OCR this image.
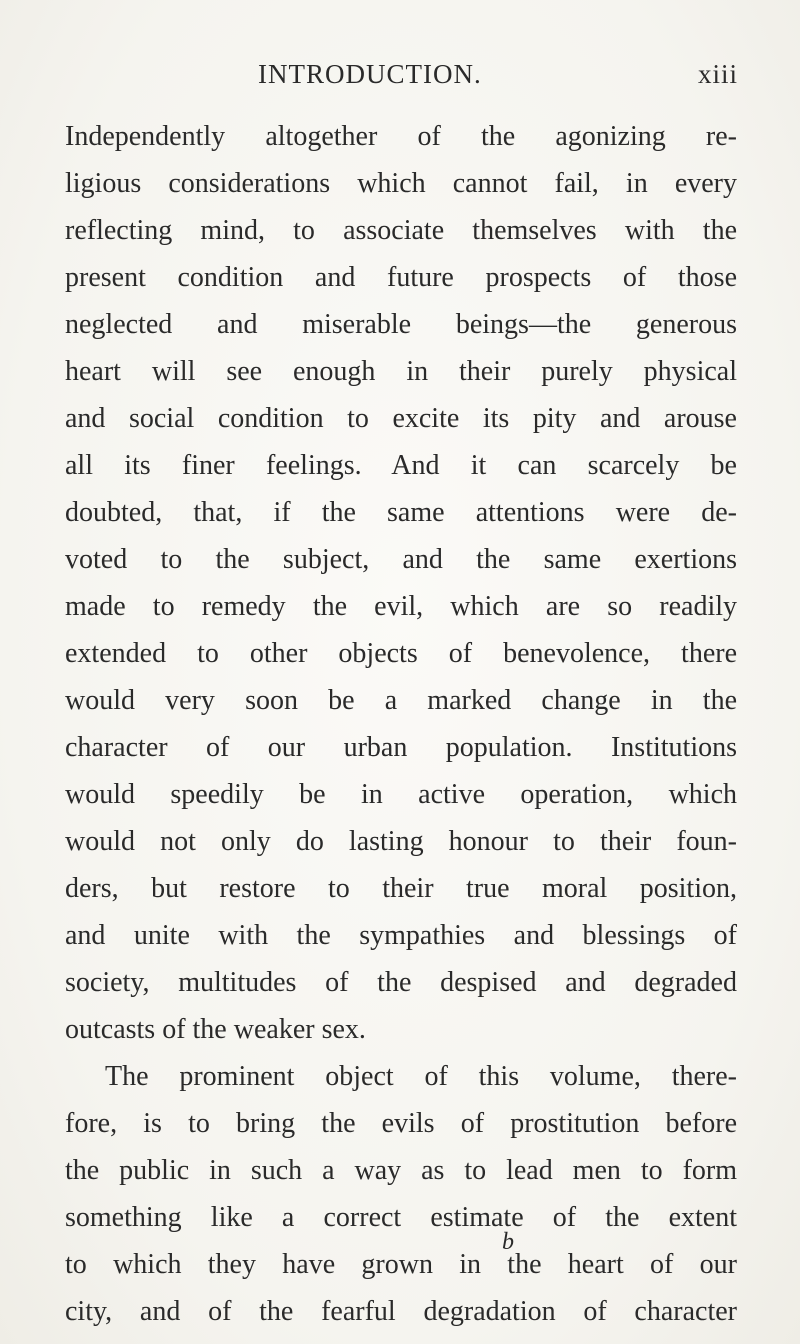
INTRODUCTION.	xiii
Independently altogether of the agonizing re-
ligious considerations which cannot fail, in every
reflecting mind, to associate themselves with the
present condition and future prospects of those
neglected and miserable beings—the generous
heart will see enough in their purely physical
and social condition to excite its pity and arouse
all its finer feelings. And it can scarcely be
doubted, that, if the same attentions were de-
voted to the subject, and the same exertions
made to remedy the evil, which are so readily
extended to other objects of benevolence, there
would very soon be a marked change in the
character of our urban population. Institutions
would speedily be in active operation, which
would not only do lasting honour to their foun-
ders, but restore to their true moral position,
and unite with the sympathies and blessings of
society, multitudes of the despised and degraded
outcasts of the weaker sex.
The prominent object of this volume, there-
fore, is to bring the evils of prostitution before
the public in such a way as to lead men to form
something like a correct estimate of the extent
to which they have grown in the heart of our
city, and of the fearful degradation of character
b
